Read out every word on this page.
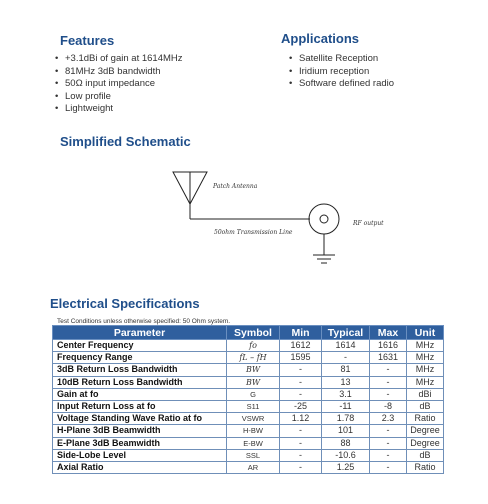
Features
• +3.1dBi of gain at 1614MHz
• 81MHz 3dB bandwidth
• 50Ω input impedance
• Low profile
• Lightweight
Applications
• Satellite Reception
• Iridium reception
• Software defined radio
Simplified Schematic
Patch Antenna
50ohm Transmission Line
RF output
Electrical Specifications
Test Conditions unless otherwise specified: 50 Ohm system.
Parameter	Symbol	Min	Typical	Max	Unit
Center Frequency	fo	1612	1614	1616	MHz
Frequency Range	fL – fH	1595	-	1631	MHz
3dB Return Loss Bandwidth	BW	-	81	-	MHz
10dB Return Loss Bandwidth	BW	-	13	-	MHz
Gain at fo	G	-	3.1	-	dBi
Input Return Loss at fo	S11	-25	-11	-8	dB
Voltage Standing Wave Ratio at fo	VSWR	1.12	1.78	2.3	Ratio
H-Plane 3dB Beamwidth	H-BW	-	101	-	Degree
E-Plane 3dB Beamwidth	E-BW	-	88	-	Degree
Side-Lobe Level	SSL	-	-10.6	-	dB
Axial Ratio	AR	-	1.25	-	Ratio
